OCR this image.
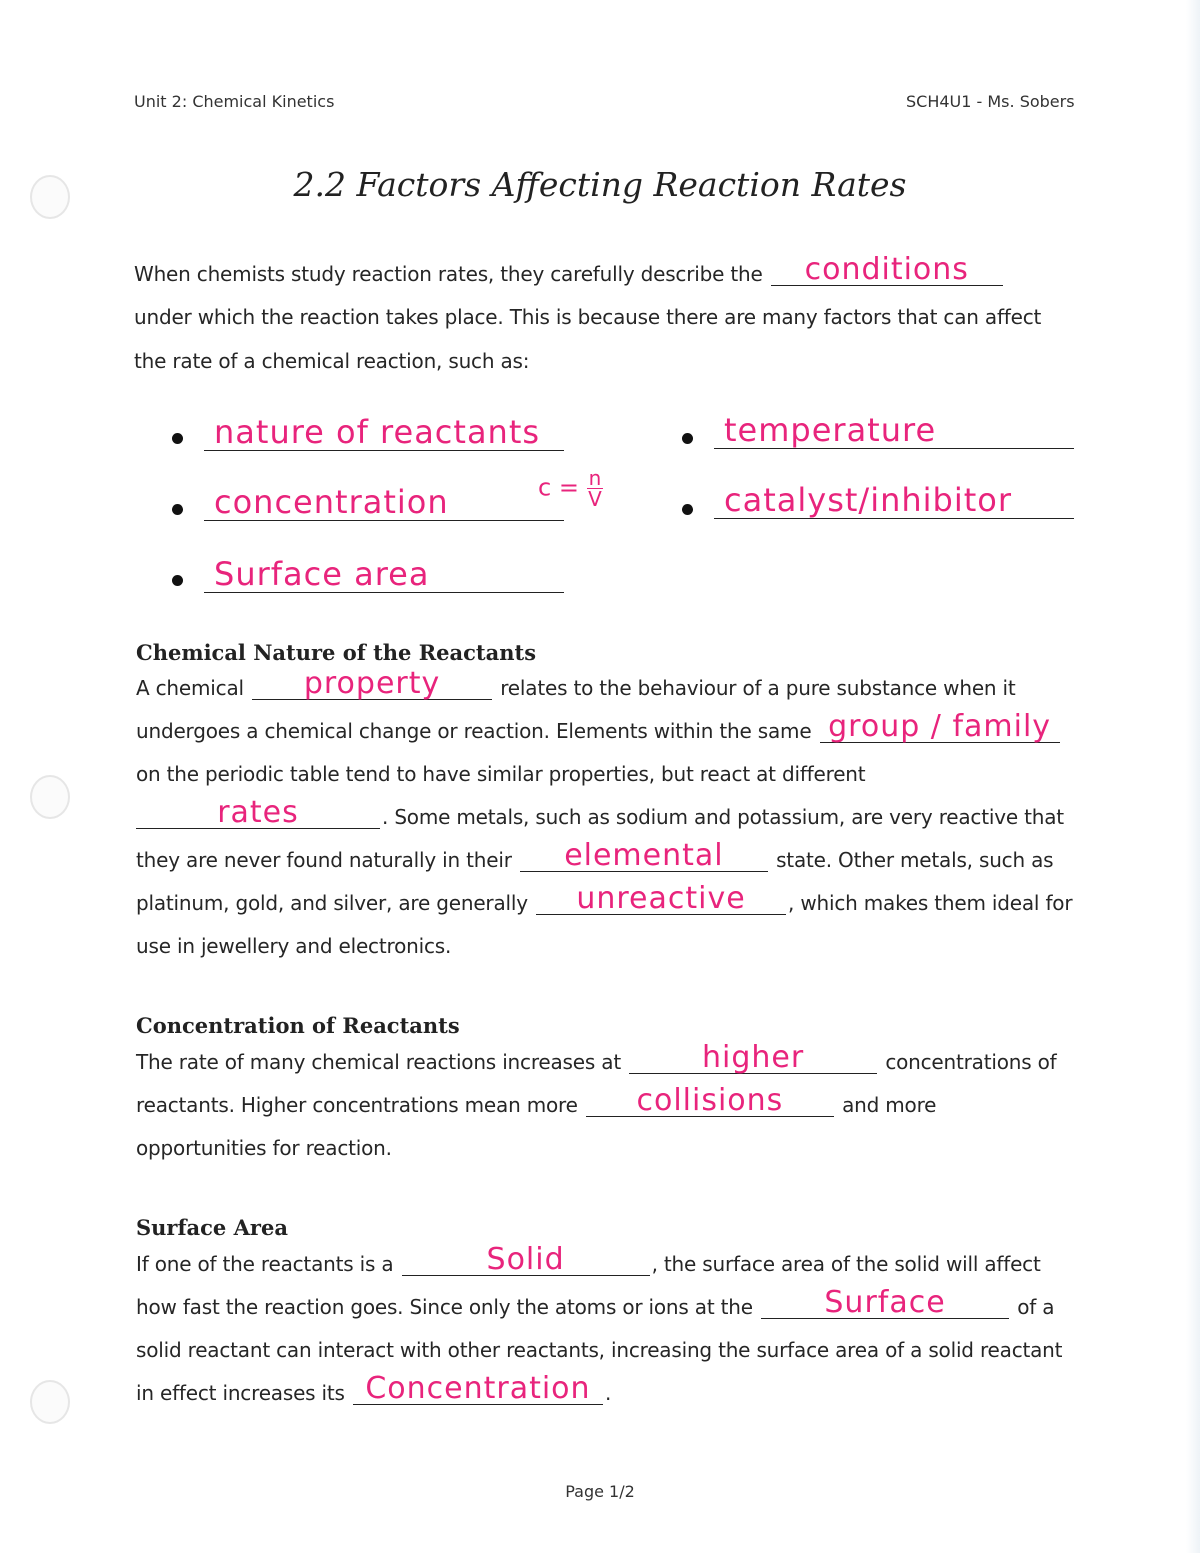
Unit 2: Chemical Kinetics	SCH4U1 - Ms. Sobers
2.2 Factors Affecting Reaction Rates
When chemists study reaction rates, they carefully describe the	conditions
under which the reaction takes place. This is because there are many factors that can affect
the rate of a chemical reaction, such as:
nature of reactants
concentration	$c = \frac{n}{V}$
Surface area
temperature
catalyst/inhibitor
Chemical Nature of the Reactants
A chemical	property	relates to the behaviour of a pure substance when it
undergoes a chemical change or reaction. Elements within the same group / family
on the periodic table tend to have similar properties, but react at different
rates	. Some metals, such as sodium and potassium, are very reactive that
they are never found naturally in their	elemental	state. Other metals, such as
platinum, gold, and silver, are generally	unreactive	, which makes them ideal for
use in jewellery and electronics.
Concentration of Reactants
The rate of many chemical reactions increases at	higher	concentrations of
reactants. Higher concentrations mean more	collisions	and more
opportunities for reaction.
Surface Area
If one of the reactants is a	Solid	, the surface area of the solid will affect
how fast the reaction goes. Since only the atoms or ions at the	Surface	of a
solid reactant can interact with other reactants, increasing the surface area of a solid reactant
in effect increases its Concentration .
Page 1/2
